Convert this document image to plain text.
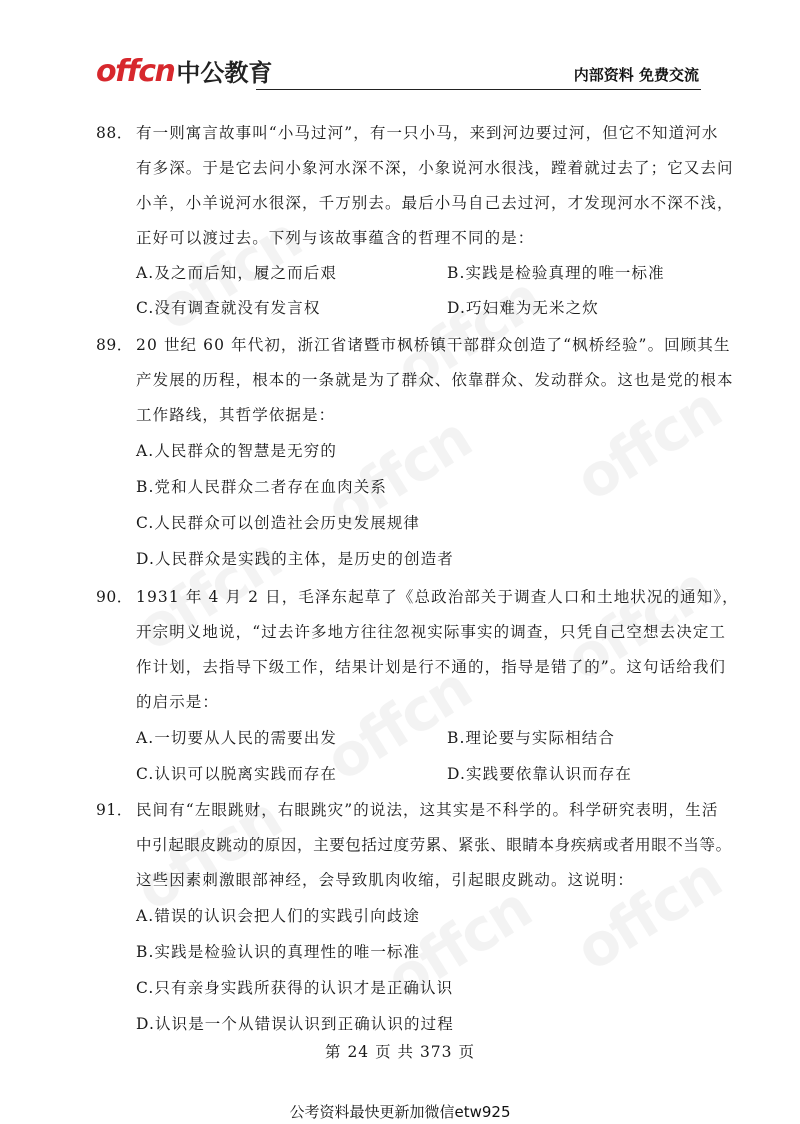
offcn 中公教育	内部资料 免费交流
88． 有一则寓言故事叫“小马过河”，有一只小马，来到河边要过河，但它不知道河水
有多深。于是它去问小象河水深不深，小象说河水很浅，蹚着就过去了；它又去问
小羊，小羊说河水很深，千万别去。最后小马自己去过河，才发现河水不深不浅，
正好可以渡过去。下列与该故事蕴含的哲理不同的是：
A.及之而后知，履之而后艰	B.实践是检验真理的唯一标准
C.没有调查就没有发言权	D.巧妇难为无米之炊
89． 20 世纪 60 年代初，浙江省诸暨市枫桥镇干部群众创造了“枫桥经验”。回顾其生
产发展的历程，根本的一条就是为了群众、依靠群众、发动群众。这也是党的根本
工作路线，其哲学依据是：
A.人民群众的智慧是无穷的
B.党和人民群众二者存在血肉关系
C.人民群众可以创造社会历史发展规律
D.人民群众是实践的主体，是历史的创造者
90． 1931 年 4 月 2 日，毛泽东起草了《总政治部关于调查人口和土地状况的通知》，
开宗明义地说，“过去许多地方往往忽视实际事实的调查，只凭自己空想去决定工
作计划，去指导下级工作，结果计划是行不通的，指导是错了的”。这句话给我们
的启示是：
A.一切要从人民的需要出发	B.理论要与实际相结合
C.认识可以脱离实践而存在	D.实践要依靠认识而存在
91． 民间有“左眼跳财，右眼跳灾”的说法，这其实是不科学的。科学研究表明，生活
中引起眼皮跳动的原因，主要包括过度劳累、紧张、眼睛本身疾病或者用眼不当等。
这些因素刺激眼部神经，会导致肌肉收缩，引起眼皮跳动。这说明：
A.错误的认识会把人们的实践引向歧途
B.实践是检验认识的真理性的唯一标准
C.只有亲身实践所获得的认识才是正确认识
D.认识是一个从错误认识到正确认识的过程
第 24 页 共 373 页
公考资料最快更新加微信etw925
